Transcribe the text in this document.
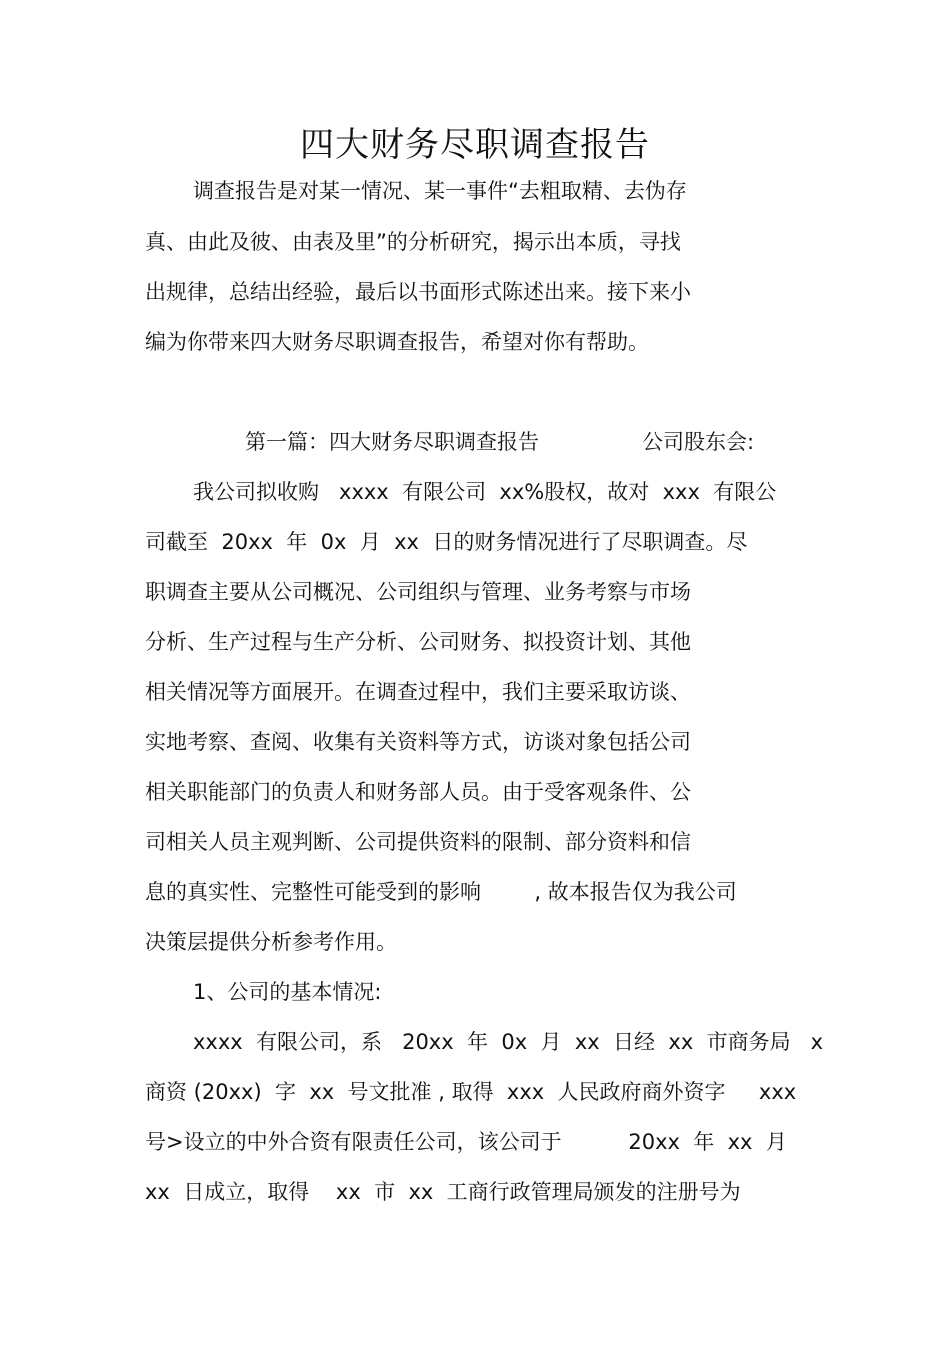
四大财务尽职调查报告
调查报告是对某一情况、某一事件“去粗取精、去伪存
真、由此及彼、由表及里”的分析研究，揭示出本质，寻找
出规律，总结出经验，最后以书面形式陈述出来。接下来小
编为你带来四大财务尽职调查报告，希望对你有帮助。
第一篇：四大财务尽职调查报告	公司股东会:
我公司拟收购   xxxx  有限公司  xx%股权，故对  xxx  有限公
司截至  20xx  年  0x  月  xx  日的财务情况进行了尽职调查。尽
职调查主要从公司概况、公司组织与管理、业务考察与市场
分析、生产过程与生产分析、公司财务、拟投资计划、其他
相关情况等方面展开。在调查过程中，我们主要采取访谈、
实地考察、查阅、收集有关资料等方式，访谈对象包括公司
相关职能部门的负责人和财务部人员。由于受客观条件、公
司相关人员主观判断、公司提供资料的限制、部分资料和信
息的真实性、完整性可能受到的影响        , 故本报告仅为我公司
决策层提供分析参考作用。
1、公司的基本情况:
xxxx  有限公司，系   20xx  年  0x  月  xx  日经  xx  市商务局   x
商资 (20xx)  字  xx  号文批准 , 取得  xxx  人民政府商外资字     xxx
号>设立的中外合资有限责任公司，该公司于          20xx  年  xx  月
xx  日成立，取得    xx  市  xx  工商行政管理局颁发的注册号为
